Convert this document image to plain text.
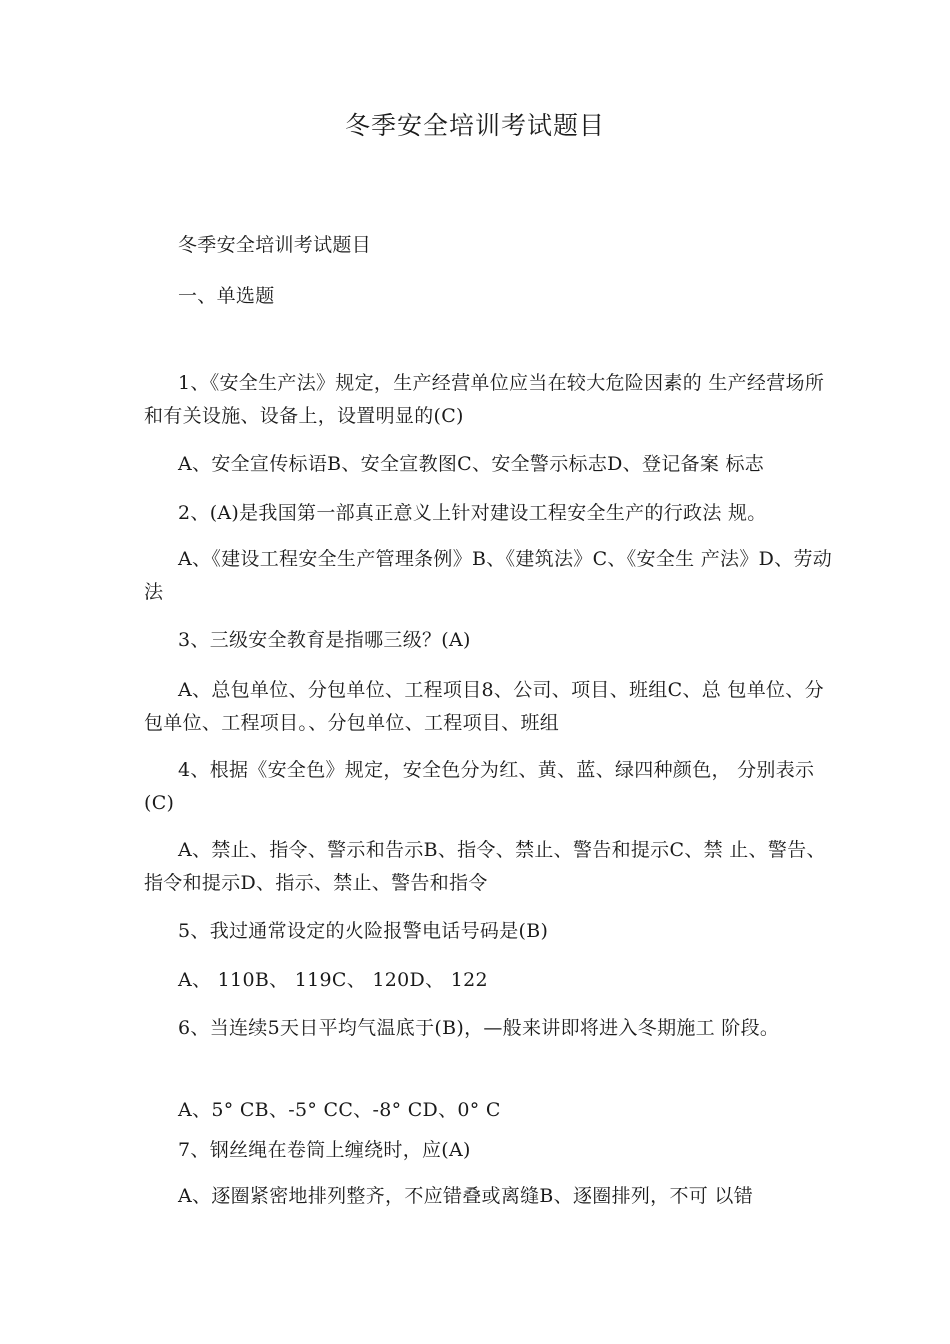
冬季安全培训考试题目
冬季安全培训考试题目
一、单选题
1、《安全生产法》规定，生产经营单位应当在较大危险因素的 生产经营场所和有关设施、设备上，设置明显的(C)
A、安全宣传标语B、安全宣教图C、安全警示标志D、登记备案 标志
2、(A)是我国第一部真正意义上针对建设工程安全生产的行政法 规。
A、《建设工程安全生产管理条例》B、《建筑法》C、《安全生 产法》D、劳动法
3、三级安全教育是指哪三级？(A)
A、总包单位、分包单位、工程项目8、公司、项目、班组C、总 包单位、分包单位、工程项目。、分包单位、工程项目、班组
4、根据《安全色》规定，安全色分为红、黄、蓝、绿四种颜色， 分别表示(C)
A、禁止、指令、警示和告示B、指令、禁止、警告和提示C、禁 止、警告、指令和提示D、指示、禁止、警告和指令
5、我过通常设定的火险报警电话号码是(B)
A、 110B、 119C、 120D、 122
6、当连续5天日平均气温底于(B)，—般来讲即将进入冬期施工 阶段。
A、5° CB、-5° CC、-8° CD、0° C
7、钢丝绳在卷筒上缠绕时，应(A)
A、逐圈紧密地排列整齐，不应错叠或离缝B、逐圈排列，不可 以错
